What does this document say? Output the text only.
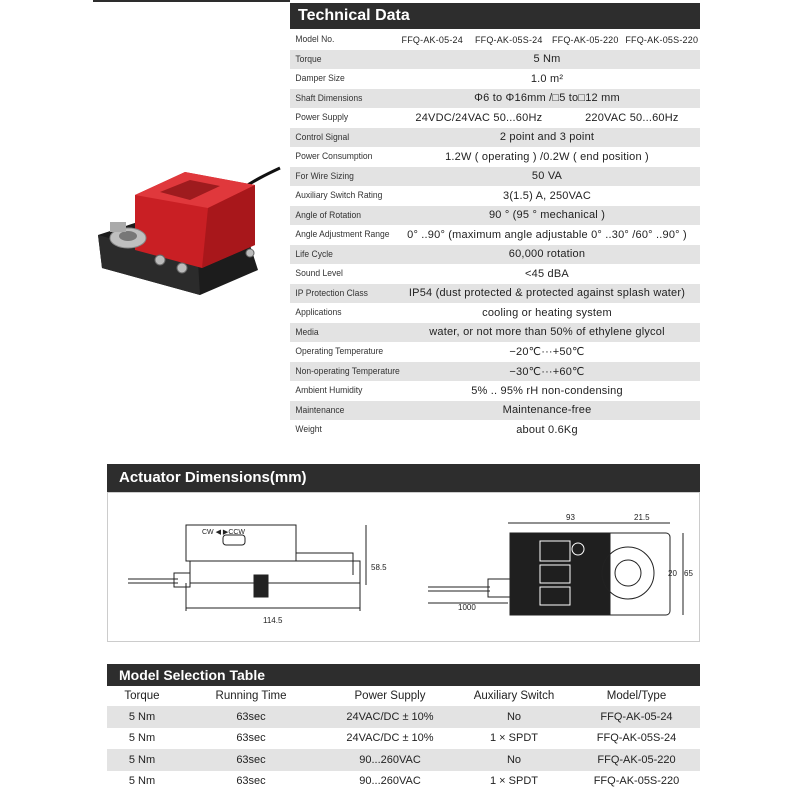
Technical Data
Model No.	FFQ-AK-05-24	FFQ-AK-05S-24	FFQ-AK-05-220 FFQ-AK-05S-220
Torque	5 Nm
Damper Size	1.0 m²
Shaft Dimensions	Φ6 to Φ16mm /□5 to□12 mm
Power Supply	24VDC/24VAC 50...60Hz	220VAC 50...60Hz
Control Signal	2 point and 3 point
Power Consumption	1.2W ( operating ) /0.2W ( end position )
For Wire Sizing	50 VA
Auxiliary Switch Rating	3(1.5) A, 250VAC
Angle of Rotation	90 ° (95 ° mechanical )
Angle Adjustment Range	0° ..90° (maximum angle adjustable 0° ..30° /60° ..90° )
Life Cycle	60,000 rotation
Sound Level	<45 dBA
IP Protection Class	IP54 (dust protected & protected against splash water)
Applications	cooling or heating system
Media	water, or not more than 50% of ethylene glycol
Operating Temperature	−20℃···+50℃
Non-operating Temperature	−30℃···+60℃
Ambient Humidity	5% .. 95% rH non-condensing
Maintenance	Maintenance-free
Weight	about 0.6Kg
Actuator Dimensions(mm)
CW ◀ ▶CCW
114.5
58.5
93	21.5
1000
20 65
Model Selection Table
Torque	Running Time	Power Supply	Auxiliary Switch	Model/Type
5 Nm	63sec	24VAC/DC ± 10%	No	FFQ-AK-05-24
5 Nm	63sec	24VAC/DC ± 10%	1 × SPDT	FFQ-AK-05S-24
5 Nm	63sec	90...260VAC	No	FFQ-AK-05-220
5 Nm	63sec	90...260VAC	1 × SPDT	FFQ-AK-05S-220
